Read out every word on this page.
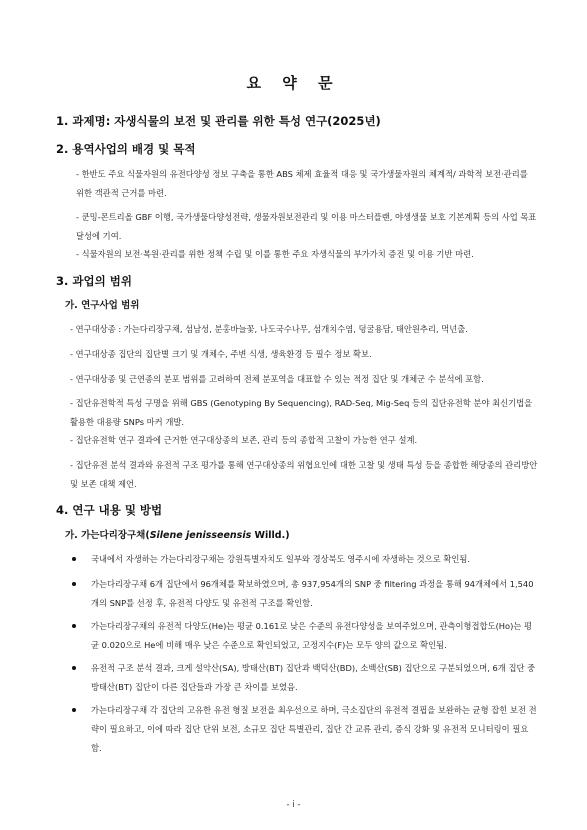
요 약 문
1. 과제명: 자생식물의 보전 및 관리를 위한 특성 연구(2025년)
2. 용역사업의 배경 및 목적
- 한반도 주요 식물자원의 유전다양성 정보 구축을 통한 ABS 체제 효율적 대응 및 국가생물자원의 체계적/ 과학적 보전·관리를 위한 객관적 근거를 마련.
- 쿤밍-몬트리올 GBF 이행, 국가생물다양성전략, 생물자원보전관리 및 이용 마스터플랜, 야생생물 보호 기본계획 등의 사업 목표 달성에 기여.
- 식물자원의 보전·복원·관리를 위한 정책 수립 및 이를 통한 주요 자생식물의 부가가치 증진 및 이용 기반 마련.
3. 과업의 범위
가. 연구사업 범위
- 연구대상종 : 가는다리장구채, 섬남성, 분홍바늘꽃, 나도국수나무, 섬개치수염, 덩굴용담, 태안원추리, 먹넌출.
- 연구대상종 집단의 집단별 크기 및 개체수, 주변 식생, 생육환경 등 필수 정보 확보.
- 연구대상종 및 근연종의 분포 범위를 고려하여 전체 분포역을 대표할 수 있는 적정 집단 및 개체군 수 분석에 포함.
- 집단유전학적 특성 구명을 위해 GBS (Genotyping By Sequencing), RAD-Seq, Mig-Seq 등의 집단유전학 분야 최신기법을 활용한 대용량 SNPs 마커 개발.
- 집단유전학 연구 결과에 근거한 연구대상종의 보존, 관리 등의 종합적 고찰이 가능한 연구 설계.
- 집단유전 분석 결과와 유전적 구조 평가를 통해 연구대상종의 위협요인에 대한 고찰 및 생태 특성 등을 종합한 해당종의 관리방안 및 보존 대책 제언.
4. 연구 내용 및 방법
가. 가는다리장구채(Silene jenisseensis Willd.)
국내에서 자생하는 가는다리장구채는 강원특별자치도 일부와 경상북도 영주시에 자생하는 것으로 확인됨.
가는다리장구채 6개 집단에서 96개체를 확보하였으며, 총 937,954개의 SNP 중 filtering 과정을 통해 94개체에서 1,540개의 SNP를 선정 후, 유전적 다양도 및 유전적 구조를 확인함.
가는다리장구채의 유전적 다양도(He)는 평균 0.161로 낮은 수준의 유전다양성을 보여주었으며, 관측이형접합도(Ho)는 평균 0.020으로 He에 비해 매우 낮은 수준으로 확인되었고, 고정지수(F)는 모두 양의 값으로 확인됨.
유전적 구조 분석 결과, 크게 설악산(SA), 방태산(BT) 집단과 백덕산(BD), 소백산(SB) 집단으로 구분되었으며, 6개 집단 중 방태산(BT) 집단이 다른 집단들과 가장 큰 차이를 보였음.
가는다리장구채 각 집단의 고유한 유전 형질 보전을 최우선으로 하며, 극소집단의 유전적 결핍을 보완하는 균형 잡힌 보전 전략이 필요하고, 이에 따라 집단 단위 보전, 소규모 집단 특별관리, 집단 간 교류 관리, 증식 강화 및 유전적 모니터링이 필요함.
- i -
